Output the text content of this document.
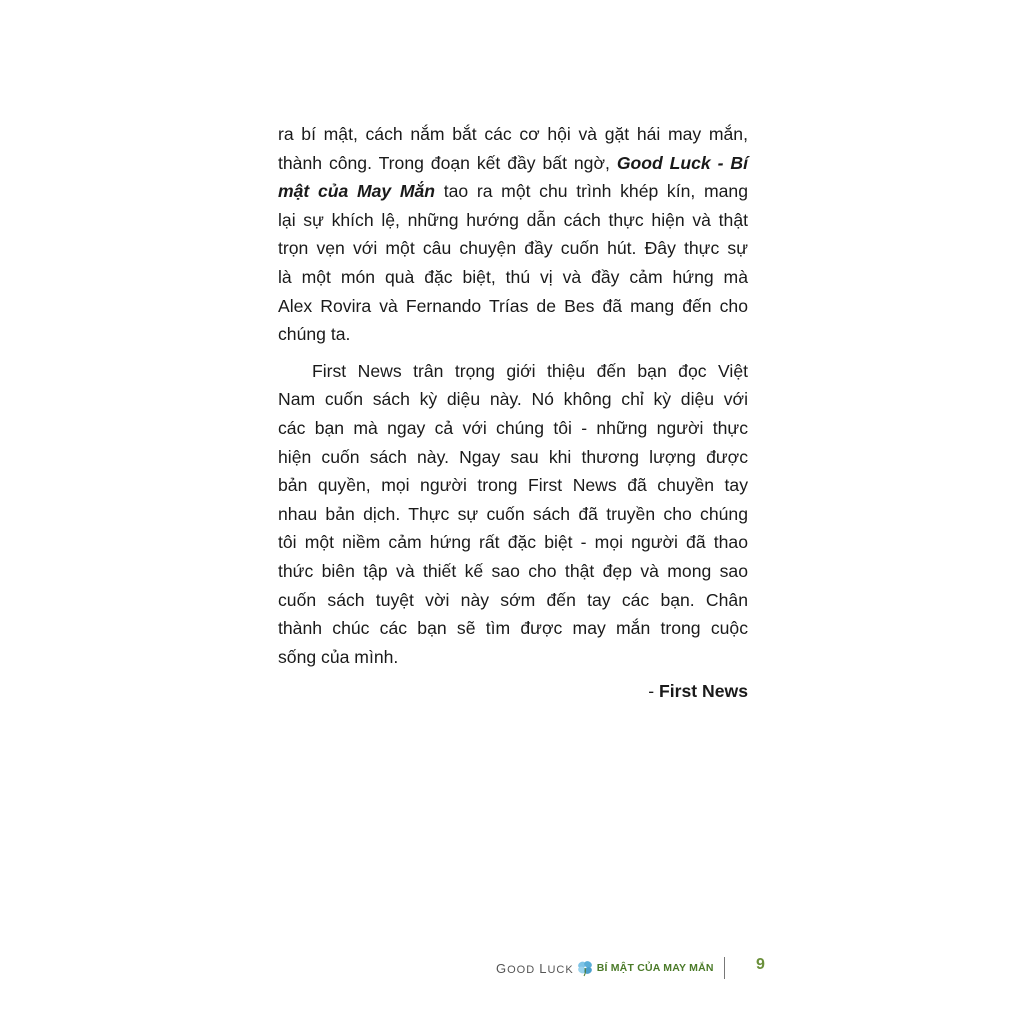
ra bí mật, cách nắm bắt các cơ hội và gặt hái may mắn,
thành công. Trong đoạn kết đầy bất ngờ, Good Luck - Bí
mật của May Mắn tao ra một chu trình khép kín, mang
lại sự khích lệ, những hướng dẫn cách thực hiện và thật
trọn vẹn với một câu chuyện đầy cuốn hút. Đây thực sự
là một món quà đặc biệt, thú vị và đầy cảm hứng mà
Alex Rovira và Fernando Trías de Bes đã mang đến cho
chúng ta.
First News trân trọng giới thiệu đến bạn đọc Việt
Nam cuốn sách kỳ diệu này. Nó không chỉ kỳ diệu với
các bạn mà ngay cả với chúng tôi - những người thực
hiện cuốn sách này. Ngay sau khi thương lượng được
bản quyền, mọi người trong First News đã chuyền tay
nhau bản dịch. Thực sự cuốn sách đã truyền cho chúng
tôi một niềm cảm hứng rất đặc biệt - mọi người đã thao
thức biên tập và thiết kế sao cho thật đẹp và mong sao
cuốn sách tuyệt vời này sớm đến tay các bạn. Chân
thành chúc các bạn sẽ tìm được may mắn trong cuộc
sống của mình.
- First News
GOOD LUCK BÍ MẬT CỦA MAY MẮN	9
